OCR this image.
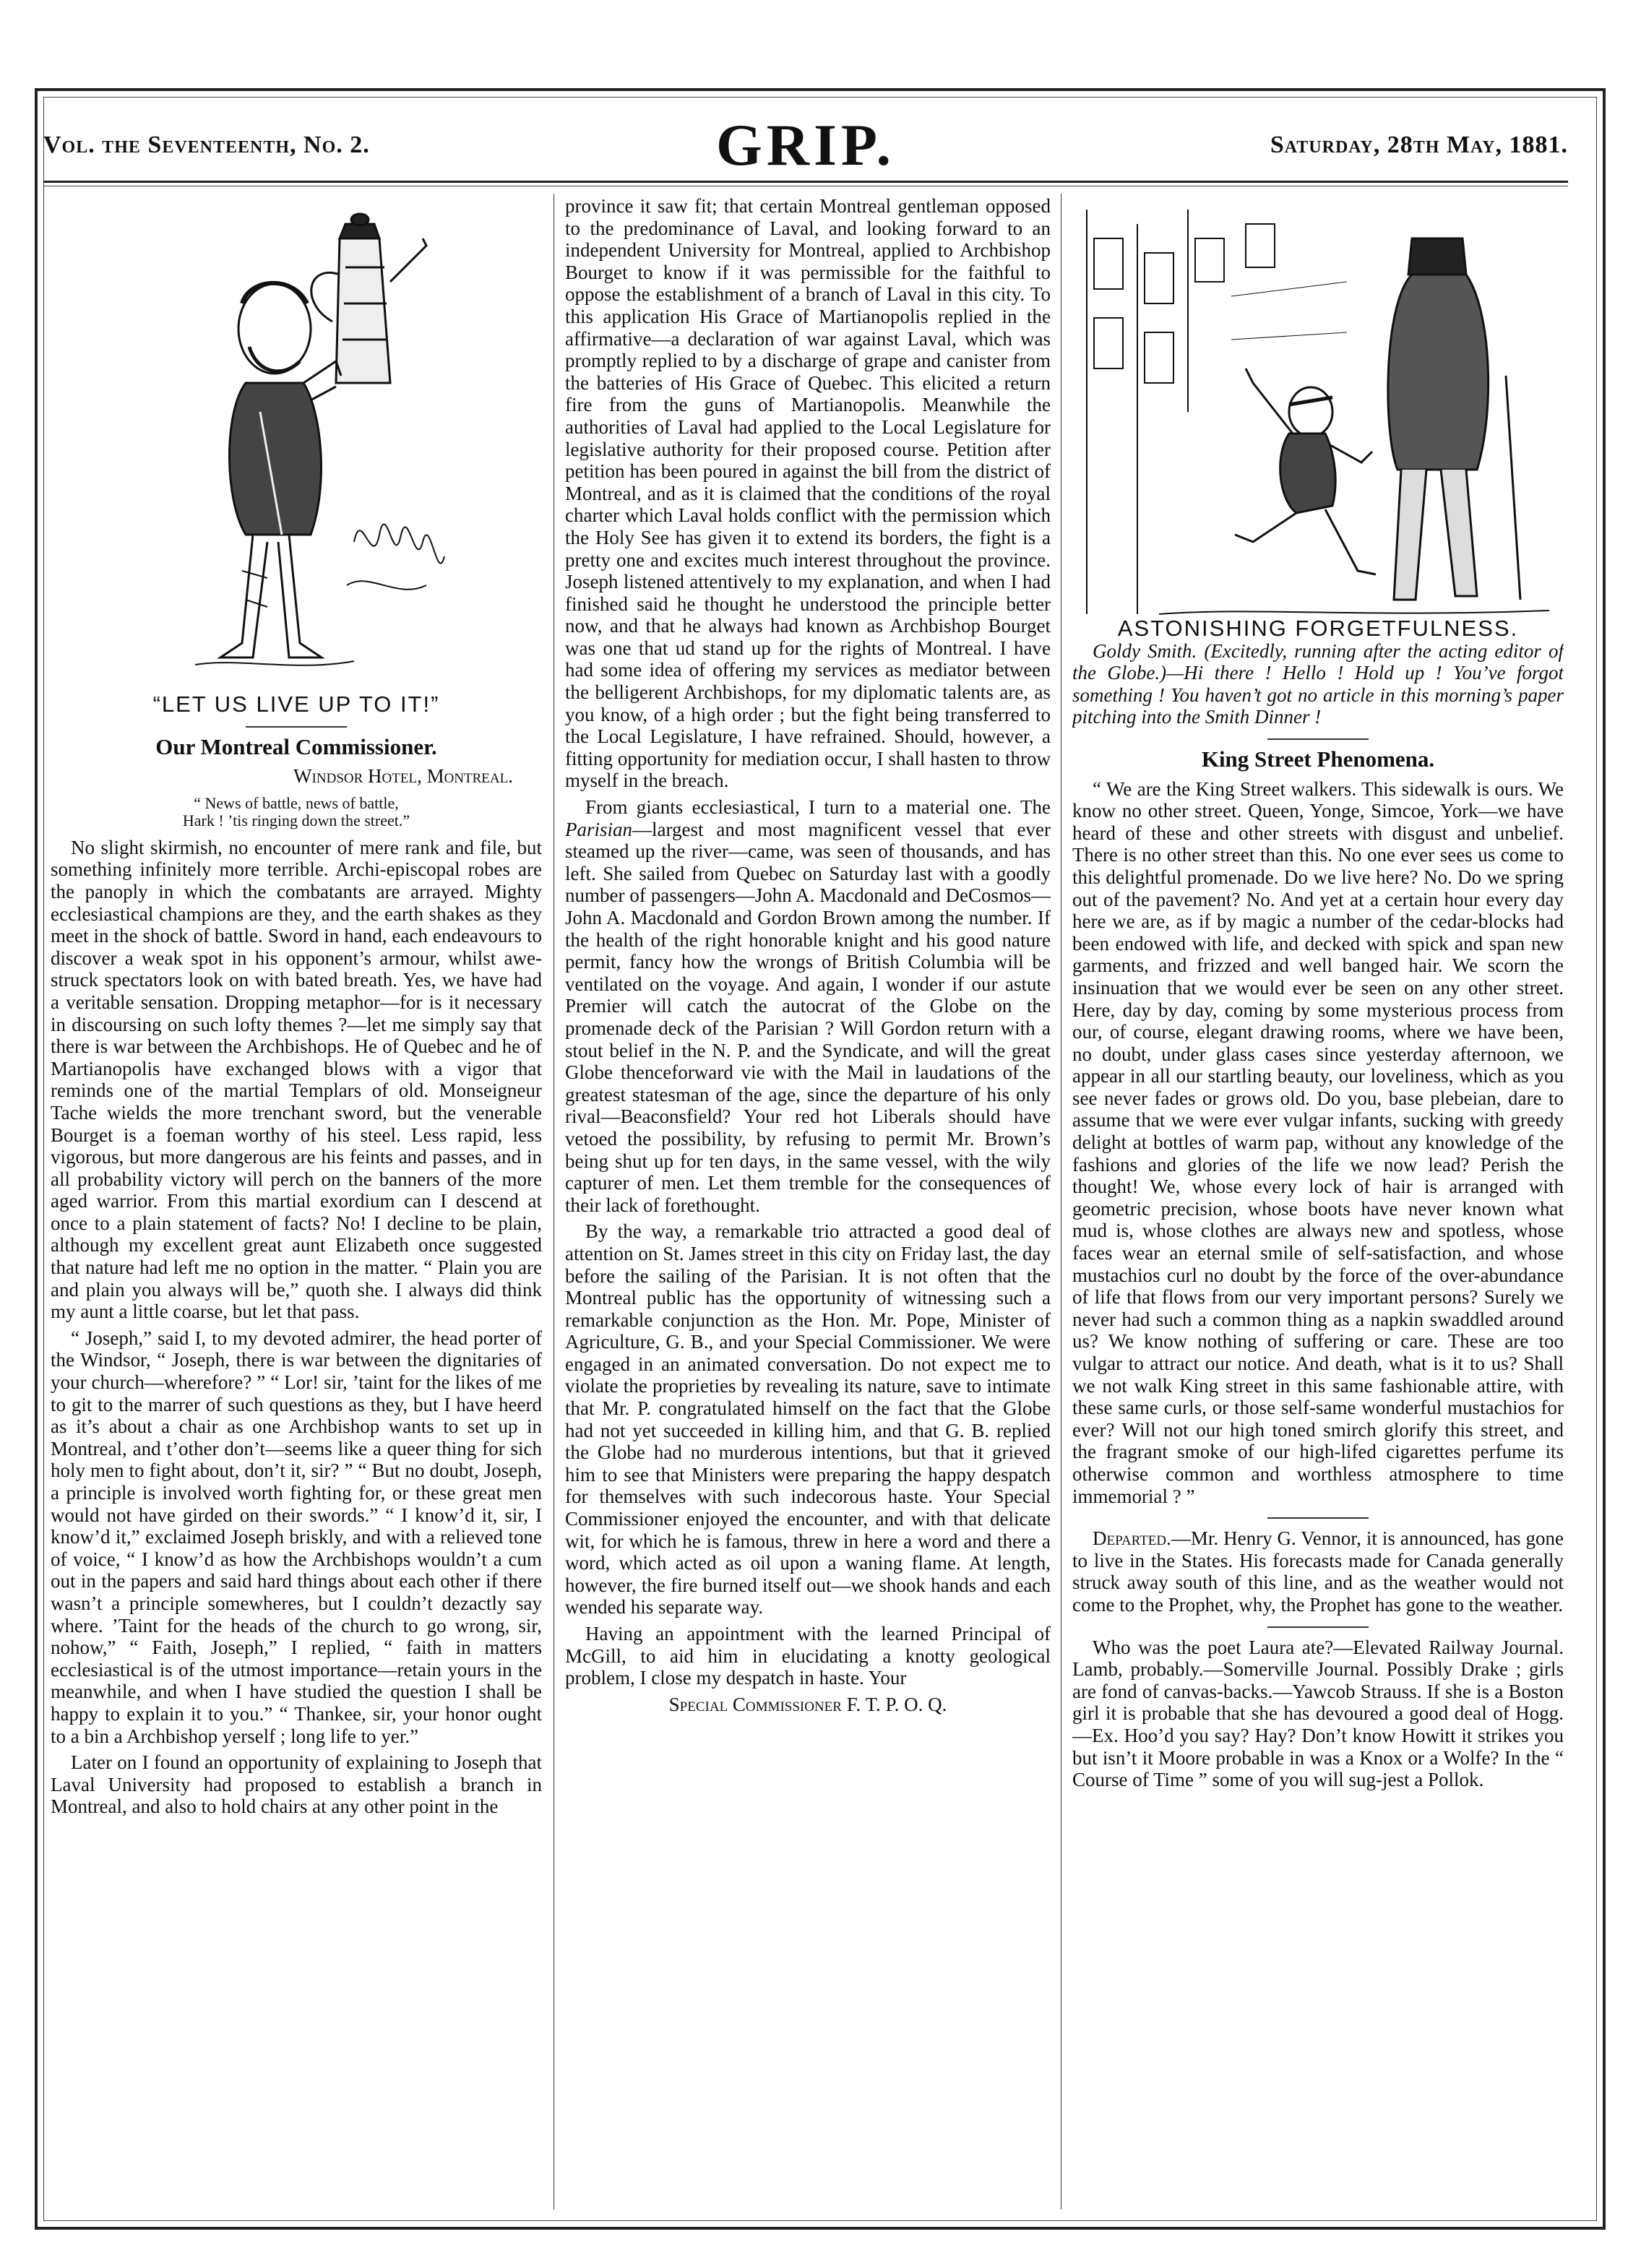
Vol. the Seventeenth, No. 2.	GRIP.	Saturday, 28th May, 1881.
“LET US LIVE UP TO IT!”
Our Montreal Commissioner.
Windsor Hotel, Montreal.
“ News of battle, news of battle,
Hark ! ’tis ringing down the street.”

No slight skirmish, no encounter of mere rank and file, but something infinitely more terrible. Archi-episcopal robes are the panoply in which the combatants are arrayed. Mighty ecclesiastical champions are they, and the earth shakes as they meet in the shock of battle. Sword in hand, each endeavours to discover a weak spot in his opponent’s armour, whilst awe-struck spectators look on with bated breath. Yes, we have had a veritable sensation. Dropping metaphor—for is it necessary in discoursing on such lofty themes ?—let me simply say that there is war between the Archbishops. He of Quebec and he of Martianopolis have exchanged blows with a vigor that reminds one of the martial Templars of old. Monseigneur Tache wields the more trenchant sword, but the venerable Bourget is a foeman worthy of his steel. Less rapid, less vigorous, but more dangerous are his feints and passes, and in all probability victory will perch on the banners of the more aged warrior. From this martial exordium can I descend at once to a plain statement of facts? No! I decline to be plain, although my excellent great aunt Elizabeth once suggested that nature had left me no option in the matter. “ Plain you are and plain you always will be,” quoth she. I always did think my aunt a little coarse, but let that pass.

“ Joseph,” said I, to my devoted admirer, the head porter of the Windsor, “ Joseph, there is war between the dignitaries of your church—wherefore? ” “ Lor! sir, ’taint for the likes of me to git to the marrer of such questions as they, but I have heerd as it’s about a chair as one Archbishop wants to set up in Montreal, and t’other don’t—seems like a queer thing for sich holy men to fight about, don’t it, sir? ” “ But no doubt, Joseph, a principle is involved worth fighting for, or these great men would not have girded on their swords.” “ I know’d it, sir, I know’d it,” exclaimed Joseph briskly, and with a relieved tone of voice, “ I know’d as how the Archbishops wouldn’t a cum out in the papers and said hard things about each other if there wasn’t a principle somewheres, but I couldn’t dezactly say where. ’Taint for the heads of the church to go wrong, sir, nohow,” “ Faith, Joseph,” I replied, “ faith in matters ecclesiastical is of the utmost importance—retain yours in the meanwhile, and when I have studied the question I shall be happy to explain it to you.” “ Thankee, sir, your honor ought to a bin a Archbishop yerself ; long life to yer.”

Later on I found an opportunity of explaining to Joseph that Laval University had proposed to establish a branch in Montreal, and also to hold chairs at any other point in the

province it saw fit; that certain Montreal gentleman opposed to the predominance of Laval, and looking forward to an independent University for Montreal, applied to Archbishop Bourget to know if it was permissible for the faithful to oppose the establishment of a branch of Laval in this city. To this application His Grace of Martianopolis replied in the affirmative—a declaration of war against Laval, which was promptly replied to by a discharge of grape and canister from the batteries of His Grace of Quebec. This elicited a return fire from the guns of Martianopolis. Meanwhile the authorities of Laval had applied to the Local Legislature for legislative authority for their proposed course. Petition after petition has been poured in against the bill from the district of Montreal, and as it is claimed that the conditions of the royal charter which Laval holds conflict with the permission which the Holy See has given it to extend its borders, the fight is a pretty one and excites much interest throughout the province. Joseph listened attentively to my explanation, and when I had finished said he thought he understood the principle better now, and that he always had known as Archbishop Bourget was one that ud stand up for the rights of Montreal. I have had some idea of offering my services as mediator between the belligerent Archbishops, for my diplomatic talents are, as you know, of a high order ; but the fight being transferred to the Local Legislature, I have refrained. Should, however, a fitting opportunity for mediation occur, I shall hasten to throw myself in the breach.

From giants ecclesiastical, I turn to a material one. The Parisian—largest and most magnificent vessel that ever steamed up the river—came, was seen of thousands, and has left. She sailed from Quebec on Saturday last with a goodly number of passengers—John A. Macdonald and DeCosmos—John A. Macdonald and Gordon Brown among the number. If the health of the right honorable knight and his good nature permit, fancy how the wrongs of British Columbia will be ventilated on the voyage. And again, I wonder if our astute Premier will catch the autocrat of the Globe on the promenade deck of the Parisian ? Will Gordon return with a stout belief in the N. P. and the Syndicate, and will the great Globe thenceforward vie with the Mail in laudations of the greatest statesman of the age, since the departure of his only rival—Beaconsfield? Your red hot Liberals should have vetoed the possibility, by refusing to permit Mr. Brown’s being shut up for ten days, in the same vessel, with the wily capturer of men. Let them tremble for the consequences of their lack of forethought.

By the way, a remarkable trio attracted a good deal of attention on St. James street in this city on Friday last, the day before the sailing of the Parisian. It is not often that the Montreal public has the opportunity of witnessing such a remarkable conjunction as the Hon. Mr. Pope, Minister of Agriculture, G. B., and your Special Commissioner. We were engaged in an animated conversation. Do not expect me to violate the proprieties by revealing its nature, save to intimate that Mr. P. congratulated himself on the fact that the Globe had not yet succeeded in killing him, and that G. B. replied the Globe had no murderous intentions, but that it grieved him to see that Ministers were preparing the happy despatch for themselves with such indecorous haste. Your Special Commissioner enjoyed the encounter, and with that delicate wit, for which he is famous, threw in here a word and there a word, which acted as oil upon a waning flame. At length, however, the fire burned itself out—we shook hands and each wended his separate way.

Having an appointment with the learned Principal of McGill, to aid him in elucidating a knotty geological problem, I close my despatch in haste. Your

Special Commissioner F. T. P. O. Q.
ASTONISHING FORGETFULNESS.

Goldy Smith. (Excitedly, running after the acting editor of the Globe.)—Hi there ! Hello ! Hold up ! You’ve forgot something ! You haven’t got no article in this morning’s paper pitching into the Smith Dinner !

King Street Phenomena.

“ We are the King Street walkers. This sidewalk is ours. We know no other street. Queen, Yonge, Simcoe, York—we have heard of these and other streets with disgust and unbelief. There is no other street than this. No one ever sees us come to this delightful promenade. Do we live here? No. Do we spring out of the pavement? No. And yet at a certain hour every day here we are, as if by magic a number of the cedar-blocks had been endowed with life, and decked with spick and span new garments, and frizzed and well banged hair. We scorn the insinuation that we would ever be seen on any other street. Here, day by day, coming by some mysterious process from our, of course, elegant drawing rooms, where we have been, no doubt, under glass cases since yesterday afternoon, we appear in all our startling beauty, our loveliness, which as you see never fades or grows old. Do you, base plebeian, dare to assume that we were ever vulgar infants, sucking with greedy delight at bottles of warm pap, without any knowledge of the fashions and glories of the life we now lead? Perish the thought! We, whose every lock of hair is arranged with geometric precision, whose boots have never known what mud is, whose clothes are always new and spotless, whose faces wear an eternal smile of self-satisfaction, and whose mustachios curl no doubt by the force of the over-abundance of life that flows from our very important persons? Surely we never had such a common thing as a napkin swaddled around us? We know nothing of suffering or care. These are too vulgar to attract our notice. And death, what is it to us? Shall we not walk King street in this same fashionable attire, with these same curls, or those self-same wonderful mustachios for ever? Will not our high toned smirch glorify this street, and the fragrant smoke of our high-lifed cigarettes perfume its otherwise common and worthless atmosphere to time immemorial ? ”

Departed.—Mr. Henry G. Vennor, it is announced, has gone to live in the States. His forecasts made for Canada generally struck away south of this line, and as the weather would not come to the Prophet, why, the Prophet has gone to the weather.

Who was the poet Laura ate?—Elevated Railway Journal. Lamb, probably.—Somerville Journal. Possibly Drake ; girls are fond of canvas-backs.—Yawcob Strauss. If she is a Boston girl it is probable that she has devoured a good deal of Hogg.—Ex. Hoo’d you say? Hay? Don’t know Howitt it strikes you but isn’t it Moore probable in was a Knox or a Wolfe? In the “ Course of Time ” some of you will sug-jest a Pollok.
